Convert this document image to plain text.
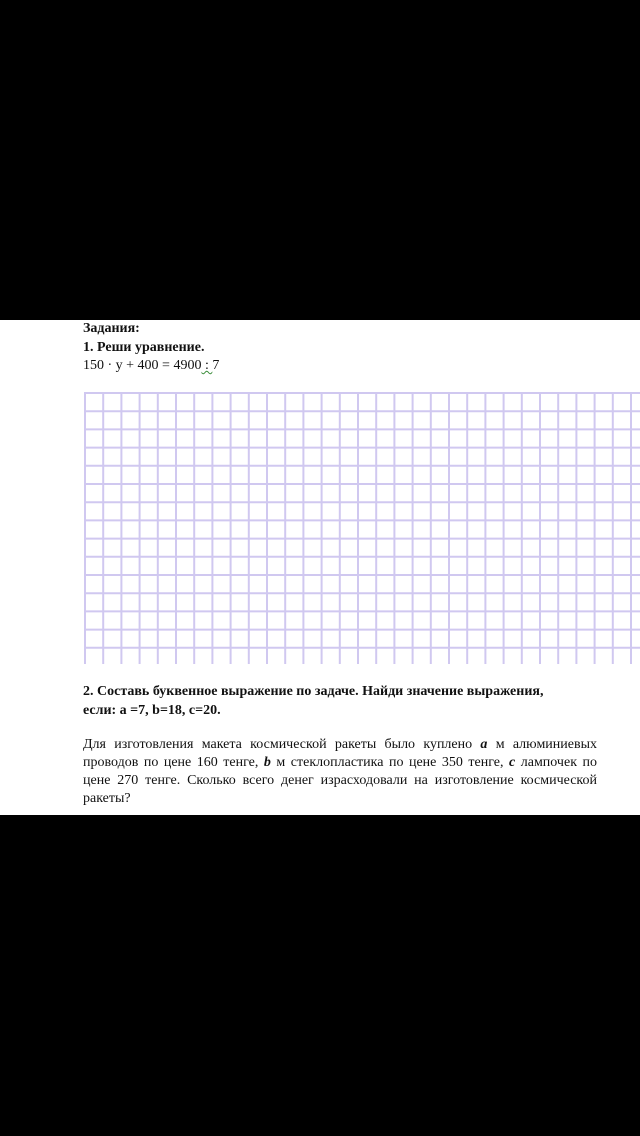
Задания:
1. Реши уравнение.
150 · y + 400 = 4900 : 7
2. Составь буквенное выражение по задаче. Найди значение выражения,
если: a =7, b=18, c=20.
Для изготовления макета космической ракеты было куплено a м алюминиевых проводов по цене 160 тенге, b м стеклопластика по цене 350 тенге, c лампочек по цене 270 тенге. Сколько всего денег израсходовали на изготовление космической ракеты?
